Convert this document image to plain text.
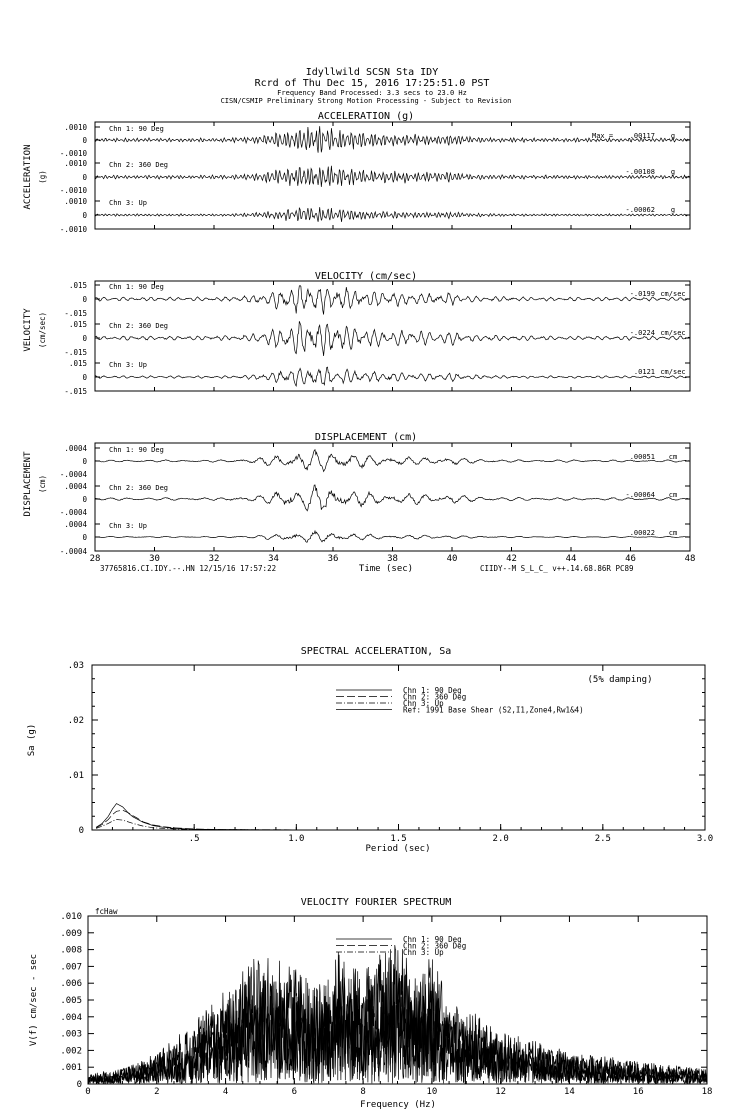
Idyllwild SCSN Sta IDY
Rcrd of Thu Dec 15, 2016 17:25:51.0 PST
Frequency Band Processed: 3.3 secs to 23.0 Hz
CISN/CSMIP Preliminary Strong Motion Processing - Subject to Revision
ACCELERATION (g)
ACCELERATION (g)
.0010
0
-.0010
Chn 1: 90 Deg
Max = .00117 g
.0010
0
-.0010
Chn 2: 360 Deg
-.00108 g
.0010
0
-.0010
Chn 3: Up
-.00062 g
VELOCITY (cm/sec)
VELOCITY (cm/sec)
.015
0
-.015
Chn 1: 90 Deg
-.0199 cm/sec
.015
0
-.015
Chn 2: 360 Deg
-.0224 cm/sec
.015
0
-.015
Chn 3: Up
.0121 cm/sec
DISPLACEMENT (cm)
DISPLACEMENT (cm)
Time (sec)
37765816.CI.IDY.--.HN 12/15/16 17:57:22	CIIDY--M S_L_C_ v++.14.68.86R PC89
.0004
0
-.0004
Chn 1: 90 Deg
.00051 cm
.0004
0
-.0004
Chn 2: 360 Deg
-.00064 cm
.0004
0
-.0004
Chn 3: Up
.00022 cm
28	30	32	34	36	38	40	42	44	46	48
SPECTRAL ACCELERATION, Sa
(5% damping)
Period (sec)
Sa (g)
0
.01
.02
.03
.5	1.0	1.5	2.0	2.5	3.0
Chn 1: 90 Deg
Chn 2: 360 Deg
Chn 3: Up
Ref: 1991 Base Shear (S2,I1,Zone4,Rw1&4)
VELOCITY FOURIER SPECTRUM
fcHaw
Frequency (Hz)
V(f) cm/sec - sec
0
.001
.002
.003
.004
.005
.006
.007
.008
.009
.010
0	2	4	6	8	10	12	14	16	18
Chn 1: 90 Deg
Chn 2: 360 Deg
Chn 3: Up
